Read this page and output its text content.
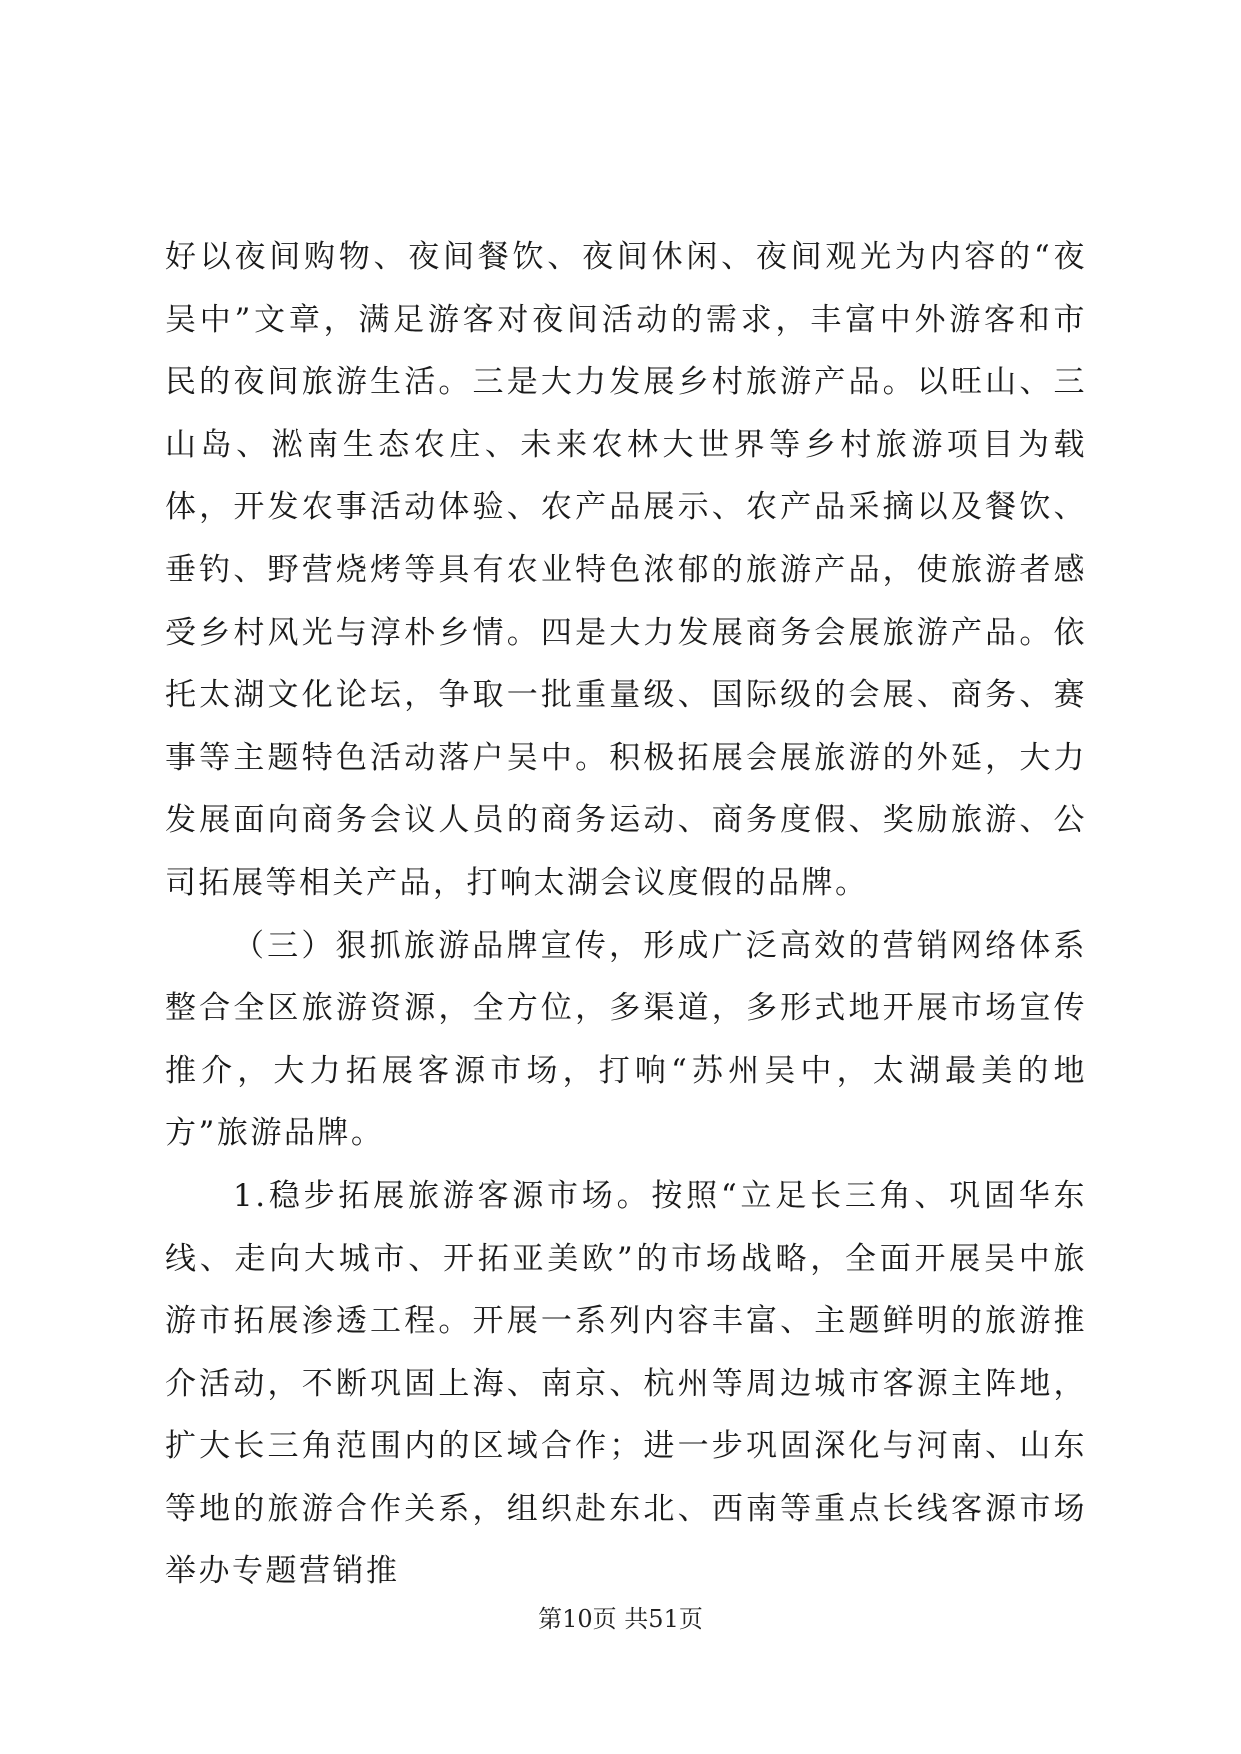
好以夜间购物、夜间餐饮、夜间休闲、夜间观光为内容的“夜吴中”文章，满足游客对夜间活动的需求，丰富中外游客和市民的夜间旅游生活。三是大力发展乡村旅游产品。以旺山、三山岛、淞南生态农庄、未来农林大世界等乡村旅游项目为载体，开发农事活动体验、农产品展示、农产品采摘以及餐饮、垂钓、野营烧烤等具有农业特色浓郁的旅游产品，使旅游者感受乡村风光与淳朴乡情。四是大力发展商务会展旅游产品。依托太湖文化论坛，争取一批重量级、国际级的会展、商务、赛事等主题特色活动落户吴中。积极拓展会展旅游的外延，大力发展面向商务会议人员的商务运动、商务度假、奖励旅游、公司拓展等相关产品，打响太湖会议度假的品牌。

（三）狠抓旅游品牌宣传，形成广泛高效的营销网络体系整合全区旅游资源，全方位，多渠道，多形式地开展市场宣传推介，大力拓展客源市场，打响“苏州吴中，太湖最美的地方”旅游品牌。

1.稳步拓展旅游客源市场。按照“立足长三角、巩固华东线、走向大城市、开拓亚美欧”的市场战略，全面开展吴中旅游市拓展渗透工程。开展一系列内容丰富、主题鲜明的旅游推介活动，不断巩固上海、南京、杭州等周边城市客源主阵地，扩大长三角范围内的区域合作；进一步巩固深化与河南、山东等地的旅游合作关系，组织赴东北、西南等重点长线客源市场举办专题营销推

第10页 共51页
